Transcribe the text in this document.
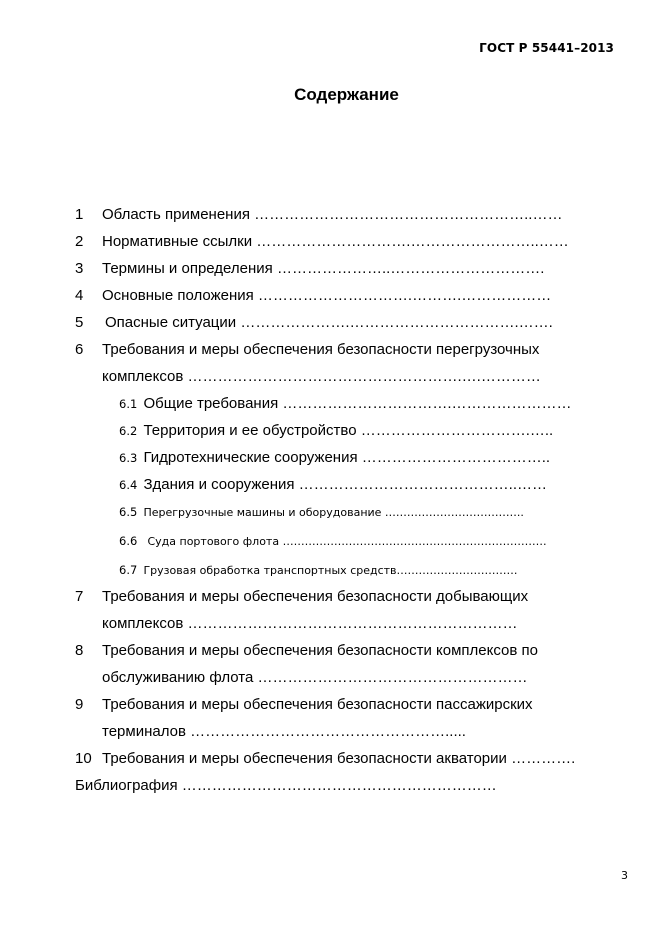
ГОСТ Р 55441–2013
Содержание
1 Область применения ………………………………………………..……
2 Нормативные ссылки ………………………….……………………..……
3 Термины и определения …………………..………………………….
4 Основные положения ………………………….……….………………
5 Опасные ситуации ………………….…………………………….…….
6 Требования и меры обеспечения безопасности перегрузочных
комплексов ……………………………………………….….…………
6.1 Общие требования …………………………….……………………
6.2 Территория и ее обустройство …………………………….…..
6.3 Гидротехнические сооружения ………………………………..
6.4 Здания и сооружения ……………………………………..……
6.5 Перегрузочные машины и оборудование ………………………………..
6.6 Суда портового флота ………………………………………………………………
6.7 Грузовая обработка транспортных средств……………………………
7 Требования и меры обеспечения безопасности добывающих
комплексов …………………………………………………………
8 Требования и меры обеспечения безопасности комплексов по
обслуживанию флота ………………………………………………
9 Требования и меры обеспечения безопасности пассажирских
терминалов …………………………………………….....
10 Требования и меры обеспечения безопасности акватории ………….
Библиография ………………………………………………………
3
